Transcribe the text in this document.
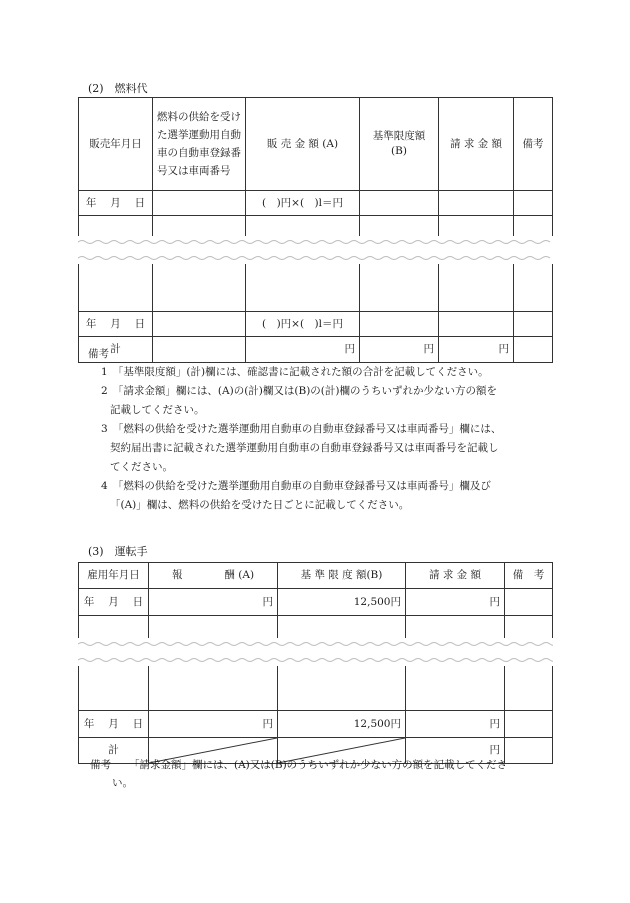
(2)　燃料代
販売年月日	燃料の供給を受けた選挙運動用自動車の自動車登録番号又は車両番号	販 売 金 額 (A)	基準限度額 (B)	請 求 金 額	備考
年　 月　 日		(　)円×(　)l＝円			

年　 月　 日		(　)円×(　)l＝円			
計		円	円	円	
備考
1　「基準限度額」(計)欄には、確認書に記載された額の合計を記載してください。
2　「請求金額」欄には、(A)の(計)欄又は(B)の(計)欄のうちいずれか少ない方の額を
記載してください。
3　「燃料の供給を受けた選挙運動用自動車の自動車登録番号又は車両番号」欄には、
契約届出書に記載された選挙運動用自動車の自動車登録番号又は車両番号を記載し
てください。
4　「燃料の供給を受けた選挙運動用自動車の自動車登録番号又は車両番号」欄及び
「(A)」欄は、燃料の供給を受けた日ごとに記載してください。
(3)　運転手
雇用年月日	報　　　　酬 (A)	基 準 限 度 額(B)	請 求 金 額	備　考
年　 月　 日	円	12,500円	円	

年　 月　 日	円	12,500円	円	
計			円	
備考 「請求金額」欄には、(A)又は(B)のうちいずれか少ない方の額を記載してくださ
い。
